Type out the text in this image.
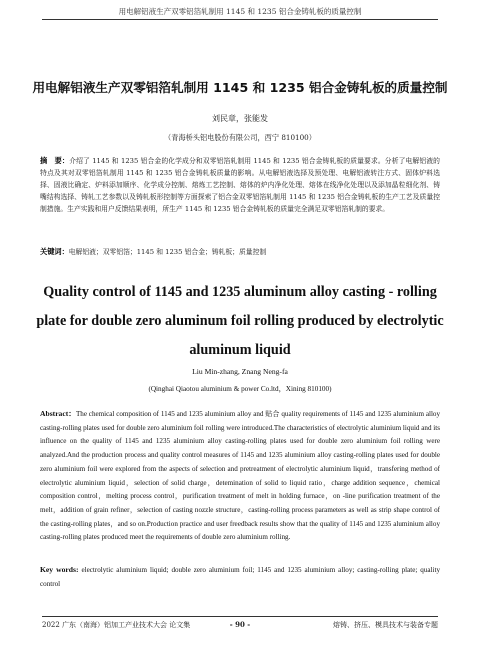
用电解铝液生产双零铝箔轧制用 1145 和 1235 铝合金铸轧板的质量控制
用电解铝液生产双零铝箔轧制用 1145 和 1235 铝合金铸轧板的质量控制
刘民章，张能发
（青海桥头铝电股份有限公司，西宁 810100）
摘　要：介绍了 1145 和 1235 铝合金的化学成分和双零铝箔轧制用 1145 和 1235 铝合金铸轧板的质量要求。分析了电解铝液的特点及其对双零铝箔轧制用 1145 和 1235 铝合金铸轧板质量的影响。从电解铝液选择及预处理、电解铝液转注方式、固体炉料选择、固液比确定、炉料添加顺序、化学成分控制、熔炼工艺控制、熔体的炉内净化处理、熔体在线净化处理以及添加晶粒细化剂、铸嘴结构选择、铸轧工艺参数以及铸轧板形控制等方面探索了铝合金双零铝箔轧制用 1145 和 1235 铝合金铸轧板的生产工艺及质量控制措施。生产实践和用户反馈结果表明，所生产 1145 和 1235 铝合金铸轧板的质量完全满足双零铝箔轧制的要求。
关键词：电解铝液；双零铝箔；1145 和 1235 铝合金；铸轧板；质量控制
Quality control of 1145 and 1235 aluminum alloy casting - rolling plate for double zero aluminum foil rolling produced by electrolytic aluminum liquid
Liu Min-zhang, Znang Neng-fa
(Qinghai Qiaotou aluminium & power Co.ltd，Xining 810100)
Abstract：The chemical composition of 1145 and 1235 aluminium alloy and 贴合 quality requirements of 1145 and 1235 aluminium alloy casting-rolling plates used for double zero aluminium foil rolling were introduced.The characteristics of electrolytic aluminium liquid and its influence on the quality of 1145 and 1235 aluminium alloy casting-rolling plates used for double zero aluminium foil rolling were analyzed.And the production process and quality control measures of 1145 and 1235 aluminium alloy casting-rolling plates used for double zero aluminium foil were explored from the aspects of selection and pretreatment of electrolytic aluminium liquid，transfering method of electrolytic aluminium liquid，selection of solid charge，detemination of solid to liquid ratio，charge addition sequence，chemical composition control，melting process control，purification treatment of melt in holding furnace，on -line purification treatment of the melt，addition of grain refiner，selection of casting nozzle structure，casting-rolling process parameters as well as strip shape control of the casting-rolling plates，and so on.Production practice and user freedback results show that the quality of 1145 and 1235 aluminium alloy casting-rolling plates produced meet the requirements of double zero aluminium rolling.
Key words: electrolytic aluminium liquid; double zero aluminium foil; 1145 and 1235 aluminium alloy; casting-rolling plate; quality control
2022 广东（南海）铝加工产业技术大会 论文集	- 90 -	熔铸、挤压、模具技术与装备专题
